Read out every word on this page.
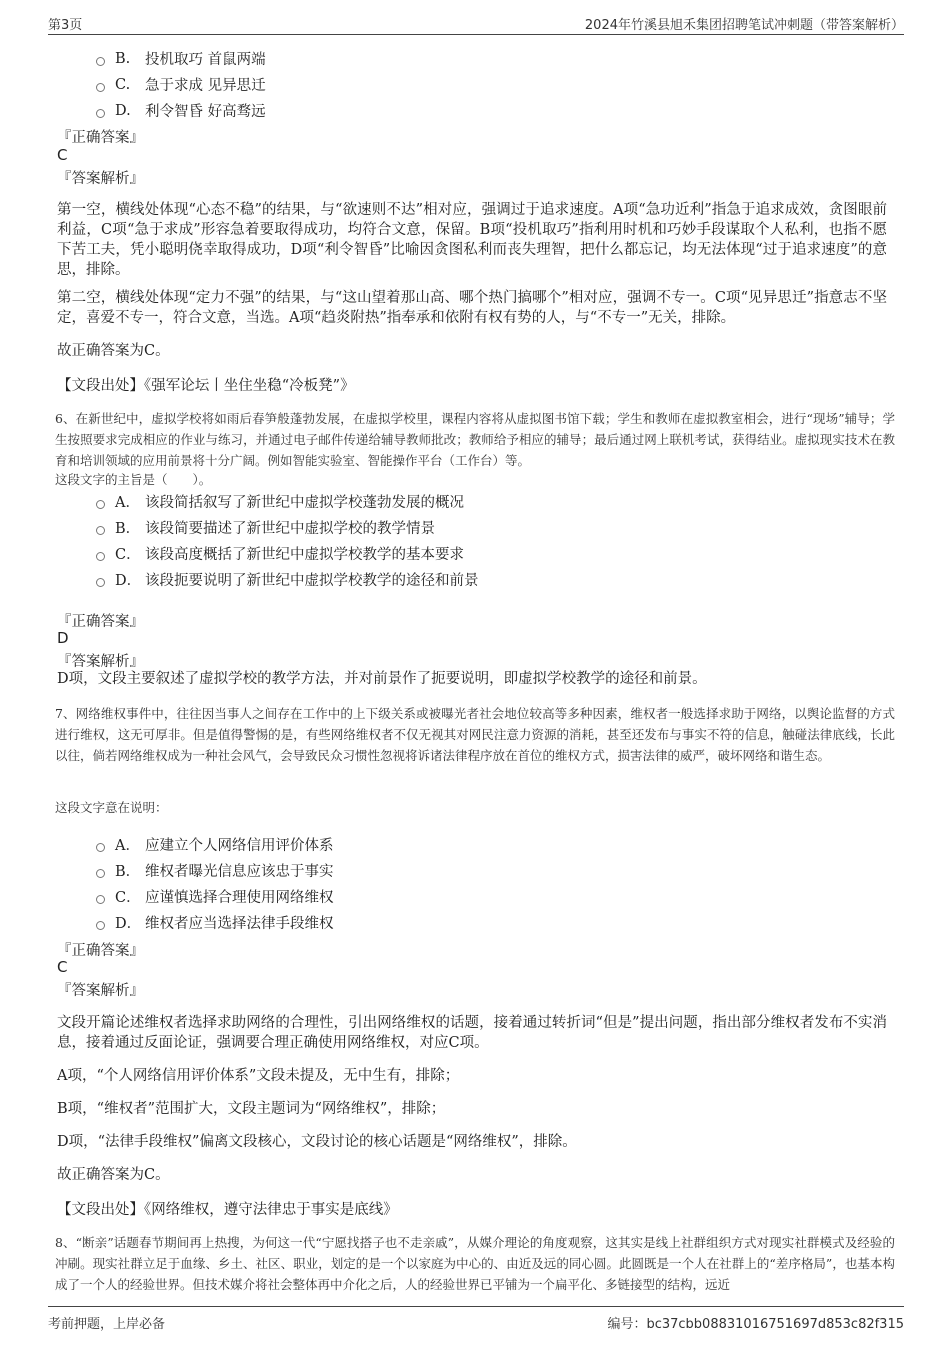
第3页	2024年竹溪县旭禾集团招聘笔试冲刺题（带答案解析）
B.	投机取巧 首鼠两端
C.	急于求成 见异思迁
D. 利令智昏 好高骛远
『正确答案』
C
『答案解析』
第一空，横线处体现“心态不稳”的结果，与“欲速则不达”相对应，强调过于追求速度。A项“急功近利”指急于追求成效，贪图眼前利益，C项“急于求成”形容急着要取得成功，均符合文意，保留。B项“投机取巧”指利用时机和巧妙手段谋取个人私利，也指不愿下苦工夫，凭小聪明侥幸取得成功，D项“利令智昏”比喻因贪图私利而丧失理智，把什么都忘记，均无法体现“过于追求速度”的意思，排除。
第二空，横线处体现“定力不强”的结果，与“这山望着那山高、哪个热门搞哪个”相对应，强调不专一。C项“见异思迁”指意志不坚定，喜爱不专一，符合文意，当选。A项“趋炎附热”指奉承和依附有权有势的人，与“不专一”无关，排除。
故正确答案为C。
【文段出处】《强军论坛丨坐住坐稳“冷板凳”》
6、在新世纪中，虚拟学校将如雨后春笋般蓬勃发展，在虚拟学校里，课程内容将从虚拟图书馆下载；学生和教师在虚拟教室相会，进行“现场”辅导；学生按照要求完成相应的作业与练习，并通过电子邮件传递给辅导教师批改；教师给予相应的辅导；最后通过网上联机考试，获得结业。虚拟现实技术在教育和培训领域的应用前景将十分广阔。例如智能实验室、智能操作平台（工作台）等。
这段文字的主旨是（　　）。
A． 该段简括叙写了新世纪中虚拟学校蓬勃发展的概况
B． 该段简要描述了新世纪中虚拟学校的教学情景
C． 该段高度概括了新世纪中虚拟学校教学的基本要求
D． 该段扼要说明了新世纪中虚拟学校教学的途径和前景
『正确答案』
D
『答案解析』
D项，文段主要叙述了虚拟学校的教学方法，并对前景作了扼要说明，即虚拟学校教学的途径和前景。
7、网络维权事件中，往往因当事人之间存在工作中的上下级关系或被曝光者社会地位较高等多种因素，维权者一般选择求助于网络，以舆论监督的方式进行维权，这无可厚非。但是值得警惕的是，有些网络维权者不仅无视其对网民注意力资源的消耗，甚至还发布与事实不符的信息，触碰法律底线，长此以往，倘若网络维权成为一种社会风气，会导致民众习惯性忽视将诉诸法律程序放在首位的维权方式，损害法律的威严，破坏网络和谐生态。
这段文字意在说明：
A． 应建立个人网络信用评价体系
B． 维权者曝光信息应该忠于事实
C． 应谨慎选择合理使用网络维权
D． 维权者应当选择法律手段维权
『正确答案』
C
『答案解析』
文段开篇论述维权者选择求助网络的合理性，引出网络维权的话题，接着通过转折词“但是”提出问题，指出部分维权者发布不实消息，接着通过反面论证，强调要合理正确使用网络维权，对应C项。
A项，“个人网络信用评价体系”文段未提及，无中生有，排除；
B项，“维权者”范围扩大，文段主题词为“网络维权”，排除；
D项，“法律手段维权”偏离文段核心，文段讨论的核心话题是“网络维权”，排除。
故正确答案为C。
【文段出处】《网络维权，遵守法律忠于事实是底线》
8、“断亲”话题春节期间再上热搜，为何这一代“宁愿找搭子也不走亲戚”，从媒介理论的角度观察，这其实是线上社群组织方式对现实社群模式及经验的冲刷。现实社群立足于血缘、乡土、社区、职业，划定的是一个以家庭为中心的、由近及远的同心圆。此圆既是一个人在社群上的“差序格局”，也基本构成了一个人的经验世界。但技术媒介将社会整体再中介化之后，人的经验世界已平铺为一个扁平化、多链接型的结构，远近
考前押题，上岸必备	编号：bc37cbb08831016751697d853c82f315
